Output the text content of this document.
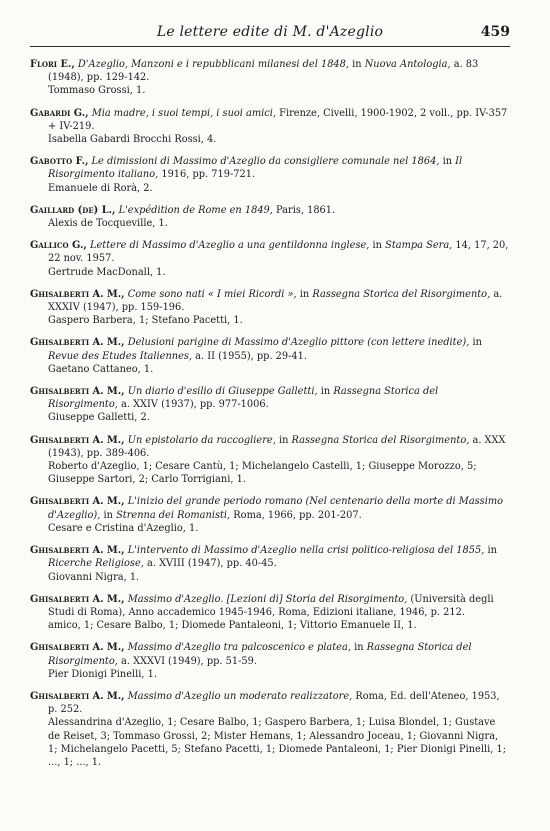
Le lettere edite di M. d'Azeglio	459
Flori E., D'Azeglio, Manzoni e i repubblicani milanesi del 1848, in Nuova Antologia, a. 83 (1948), pp. 129-142.
Tommaso Grossi, 1.
Gabardi G., Mia madre, i suoi tempi, i suoi amici, Firenze, Civelli, 1900-1902, 2 voll., pp. IV-357 + IV-219.
Isabella Gabardi Brocchi Rossi, 4.
Gabotto F., Le dimissioni di Massimo d'Azeglio da consigliere comunale nel 1864, in Il Risorgimento italiano, 1916, pp. 719-721.
Emanuele di Rorà, 2.
Gaillard (de) L., L'expédition de Rome en 1849, Paris, 1861.
Alexis de Tocqueville, 1.
Gallico G., Lettere di Massimo d'Azeglio a una gentildonna inglese, in Stampa Sera, 14, 17, 20, 22 nov. 1957.
Gertrude MacDonall, 1.
Ghisalberti A. M., Come sono nati « I miei Ricordi », in Rassegna Storica del Risorgimento, a. XXXIV (1947), pp. 159-196.
Gaspero Barbera, 1; Stefano Pacetti, 1.
Ghisalberti A. M., Delusioni parigine di Massimo d'Azeglio pittore (con lettere inedite), in Revue des Etudes Italiennes, a. II (1955), pp. 29-41.
Gaetano Cattaneo, 1.
Ghisalberti A. M., Un diario d'esilio di Giuseppe Galletti, in Rassegna Storica del Risorgimento, a. XXIV (1937), pp. 977-1006.
Giuseppe Galletti, 2.
Ghisalberti A. M., Un epistolario da raccogliere, in Rassegna Storica del Risorgimento, a. XXX (1943), pp. 389-406.
Roberto d'Azeglio, 1; Cesare Cantù, 1; Michelangelo Castelli, 1; Giuseppe Morozzo, 5; Giuseppe Sartori, 2; Carlo Torrigiani, 1.
Ghisalberti A. M., L'inizio del grande periodo romano (Nel centenario della morte di Massimo d'Azeglio), in Strenna dei Romanisti, Roma, 1966, pp. 201-207.
Cesare e Cristina d'Azeglio, 1.
Ghisalberti A. M., L'intervento di Massimo d'Azeglio nella crisi politico-religiosa del 1855, in Ricerche Religiose, a. XVIII (1947), pp. 40-45.
Giovanni Nigra, 1.
Ghisalberti A. M., Massimo d'Azeglio. [Lezioni di] Storia del Risorgimento, (Università degli Studi di Roma), Anno accademico 1945-1946, Roma, Edizioni italiane, 1946, p. 212.
amico, 1; Cesare Balbo, 1; Diomede Pantaleoni, 1; Vittorio Emanuele II, 1.
Ghisalberti A. M., Massimo d'Azeglio tra palcoscenico e platea, in Rassegna Storica del Risorgimento, a. XXXVI (1949), pp. 51-59.
Pier Dionigi Pinelli, 1.
Ghisalberti A. M., Massimo d'Azeglio un moderato realizzatore, Roma, Ed. dell'Ateneo, 1953, p. 252.
Alessandrina d'Azeglio, 1; Cesare Balbo, 1; Gaspero Barbera, 1; Luisa Blondel, 1; Gustave de Reiset, 3; Tommaso Grossi, 2; Mister Hemans, 1; Alessandro Joceau, 1; Giovanni Nigra, 1; Michelangelo Pacetti, 5; Stefano Pacetti, 1; Diomede Pantaleoni, 1; Pier Dionigi Pinelli, 1; ..., 1; ..., 1.
